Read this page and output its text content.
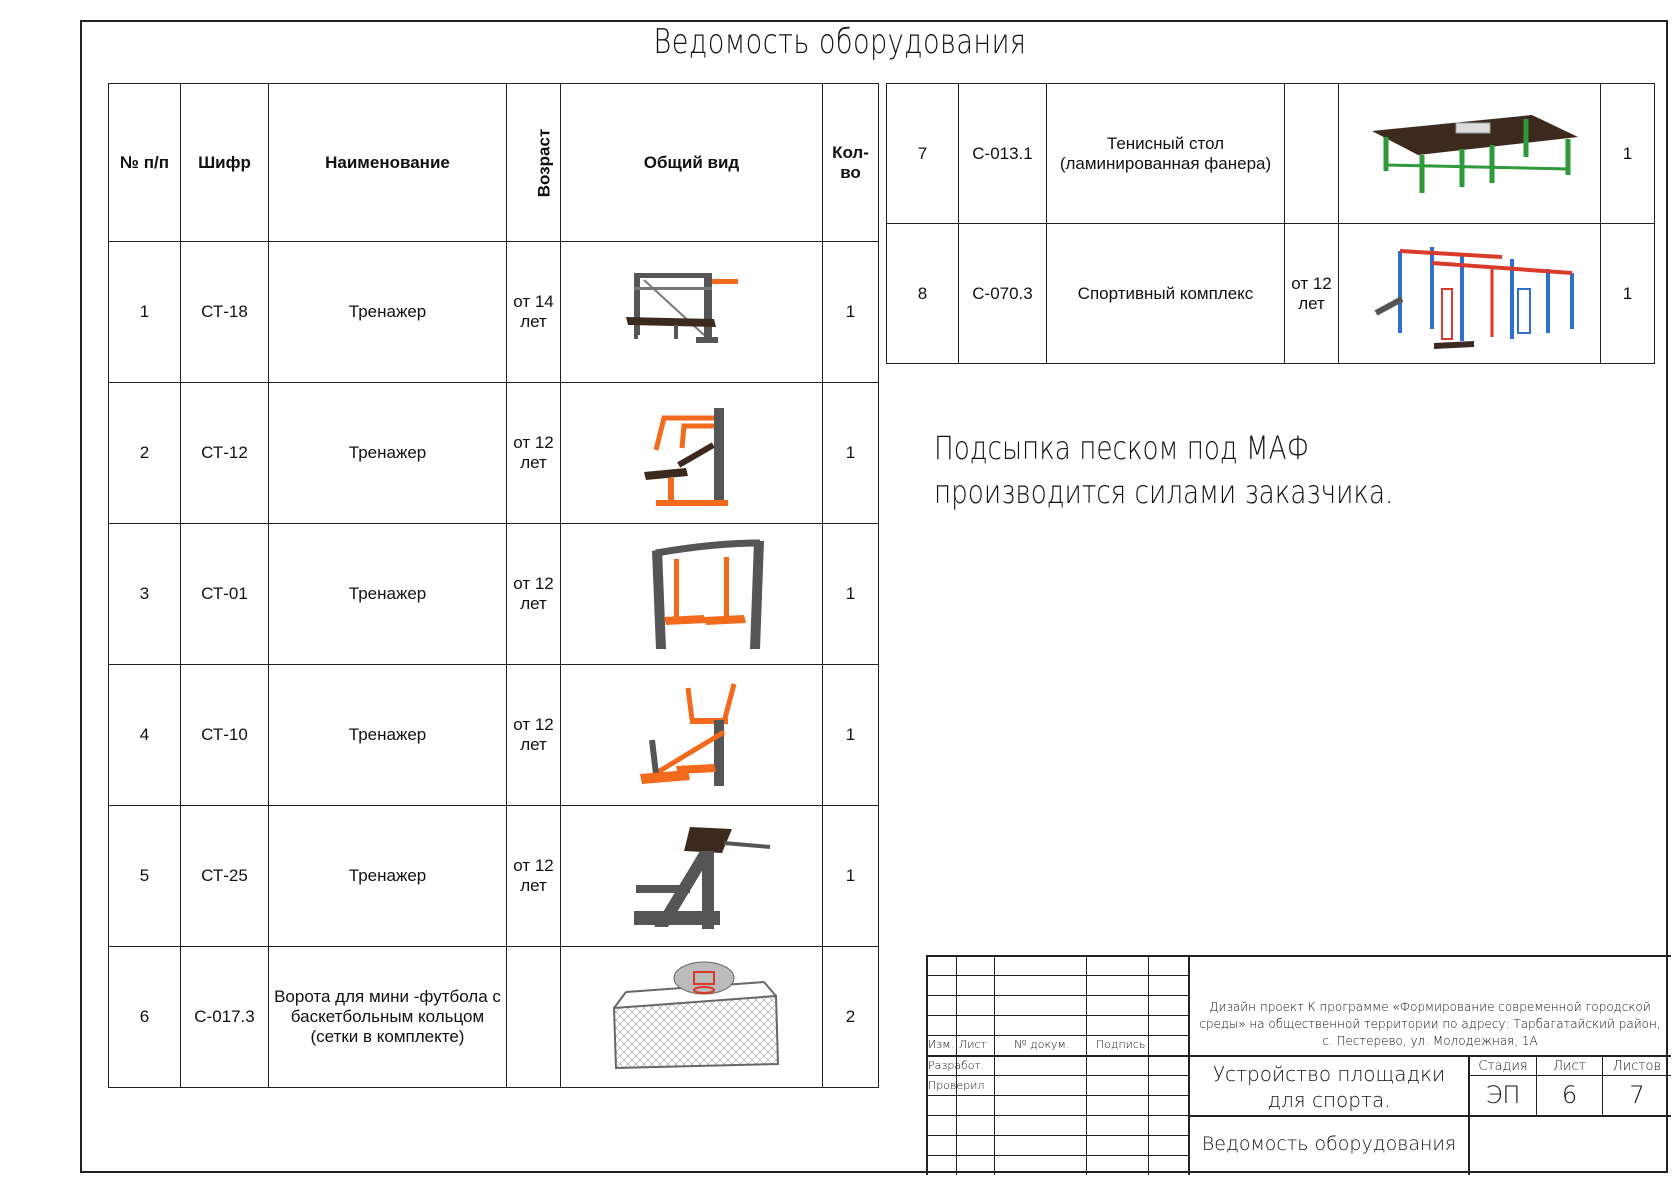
Ведомость оборудования
№ п/п	Шифр	Наименование	Возраст	Общий вид	Кол-во
1	СТ-18	Тренажер	от 14 лет		1
2	СТ-12	Тренажер	от 12 лет		1
3	СТ-01	Тренажер	от 12 лет		1
4	СТ-10	Тренажер	от 12 лет		1
5	СТ-25	Тренажер	от 12 лет		1
6	С-017.3	Ворота для мини -футбола с баскетбольным кольцом (сетки в комплекте)			2
7	С-013.1	Тенисный стол (ламинированная фанера)			1
8	С-070.3	Спортивный комплекс	от 12 лет		1
Подсыпка песком под МАФ производится силами заказчика.
Изм. Лист № докум. Подпись
Разработ.
Проверил
Дизайн проект К программе «Формирование современной городской среды» на общественной территории по адресу: Тарбагатайский район, с. Пестерево, ул. Молодежная, 1А
Устройство площадки для спорта.
Ведомость оборудования
Стадия	Лист	Листов
ЭП	6	7
